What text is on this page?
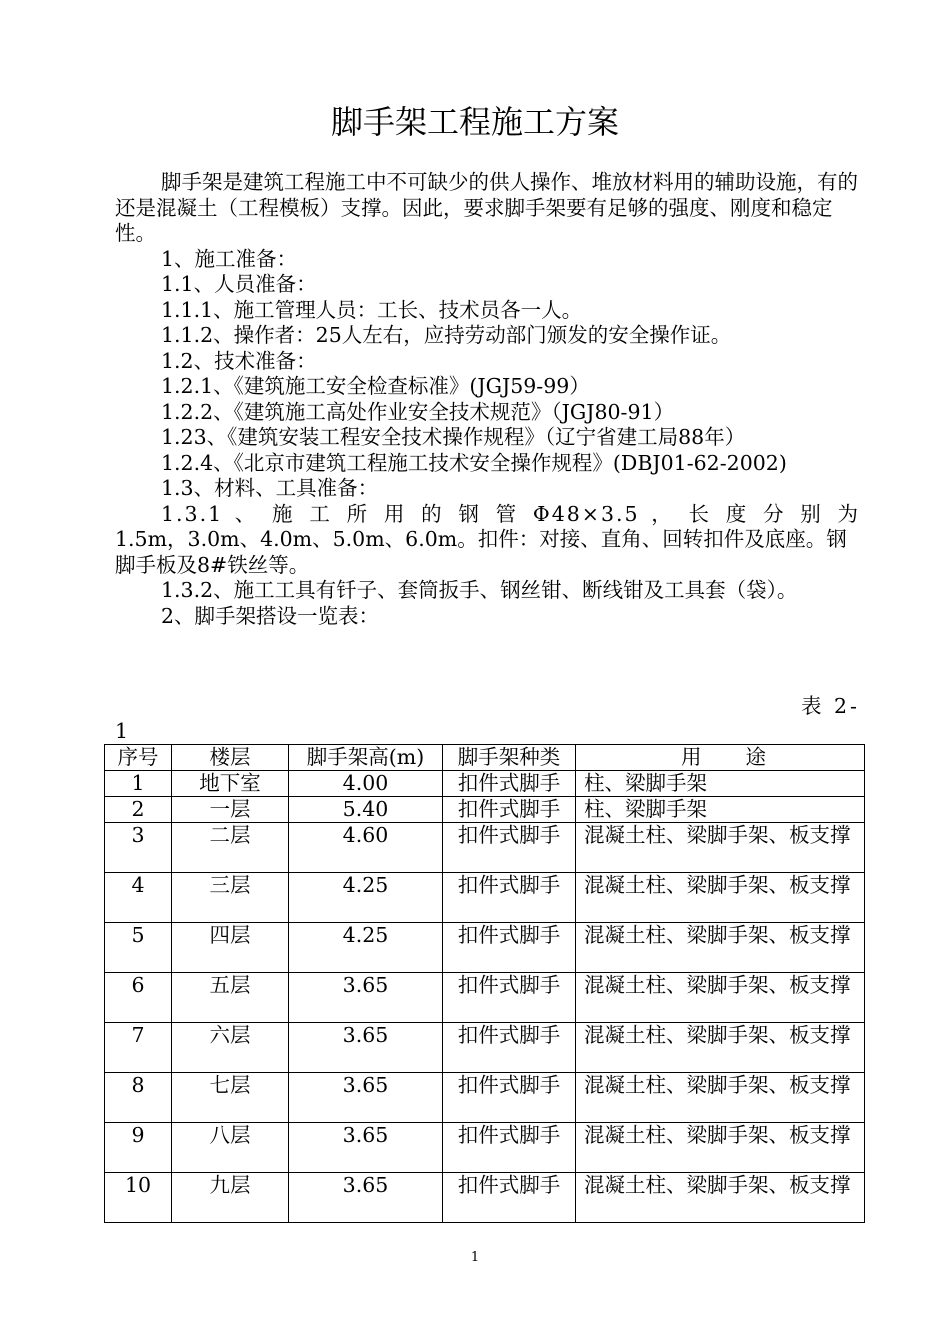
脚手架工程施工方案

脚手架是建筑工程施工中不可缺少的供人操作、堆放材料用的辅助设施，有的还是混凝土（工程模板）支撑。因此，要求脚手架要有足够的强度、刚度和稳定性。

1、施工准备：

1.1、人员准备：

1.1.1、施工管理人员：工长、技术员各一人。

1.1.2、操作者：25人左右，应持劳动部门颁发的安全操作证。

1.2、技术准备：

1.2.1、《建筑施工安全检查标准》(JGJ59-99）

1.2.2、《建筑施工高处作业安全技术规范》（JGJ80-91）

1.23、《建筑安装工程安全技术操作规程》（辽宁省建工局88年）

1.2.4、《北京市建筑工程施工技术安全操作规程》(DBJ01-62-2002)

1.3、材料、工具准备：

1.3.1 、 施 工 所 用 的 钢 管 Φ48×3.5 ， 长 度 分 别 为

1.5m，3.0m、4.0m、5.0m、6.0m。扣件：对接、直角、回转扣件及底座。钢脚手板及8#铁丝等。

1.3.2、施工工具有钎子、套筒扳手、钢丝钳、断线钳及工具套（袋）。

2、脚手架搭设一览表：

表 2-
1
序号	楼层	脚手架高(m)	脚手架种类	用　　途
1	地下室	4.00	扣件式脚手	柱、梁脚手架
2	一层	5.40	扣件式脚手	柱、梁脚手架
3	二层	4.60	扣件式脚手	混凝土柱、梁脚手架、板支撑
4	三层	4.25	扣件式脚手	混凝土柱、梁脚手架、板支撑
5	四层	4.25	扣件式脚手	混凝土柱、梁脚手架、板支撑
6	五层	3.65	扣件式脚手	混凝土柱、梁脚手架、板支撑
7	六层	3.65	扣件式脚手	混凝土柱、梁脚手架、板支撑
8	七层	3.65	扣件式脚手	混凝土柱、梁脚手架、板支撑
9	八层	3.65	扣件式脚手	混凝土柱、梁脚手架、板支撑
10	九层	3.65	扣件式脚手	混凝土柱、梁脚手架、板支撑
1
